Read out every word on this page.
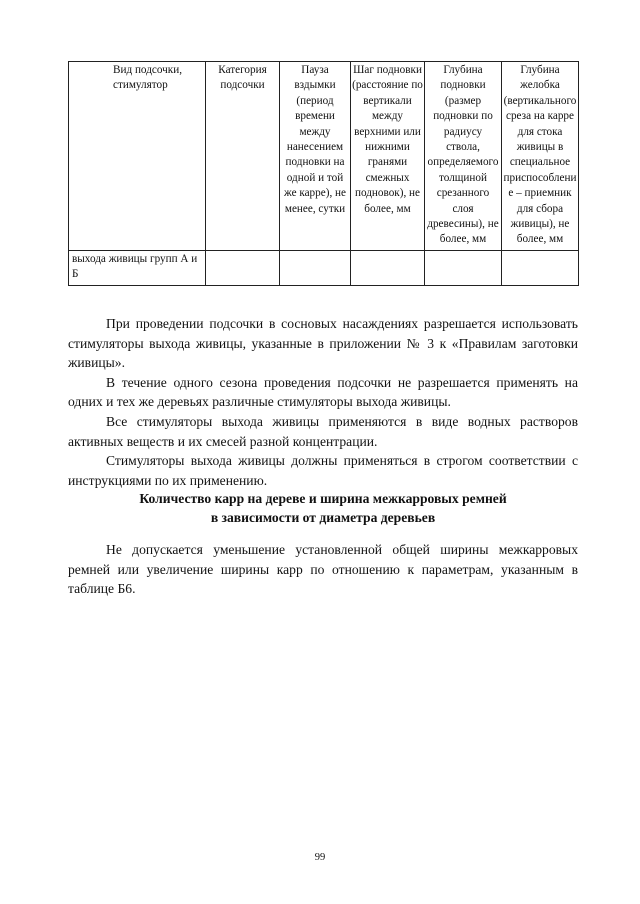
Вид подсочки, стимулятор	Категория подсочки	Пауза вздымки (период времени между нанесением подновки на одной и той же карре), не менее, сутки	Шаг подновки (расстояние по вертикали между верхними или нижними гранями смежных подновок), не более, мм	Глубина подновки (размер подновки по радиусу ствола, определяемого толщиной срезанного слоя древесины), не более, мм	Глубина желобка (вертикального среза на карре для стока живицы в специальное приспособление – приемник для сбора живицы), не более, мм
выхода живицы групп А и Б					

При проведении подсочки в сосновых насаждениях разрешается использовать стимуляторы выхода живицы, указанные в приложении № 3 к «Правилам заготовки живицы».

В течение одного сезона проведения подсочки не разрешается применять на одних и тех же деревьях различные стимуляторы выхода живицы.

Все стимуляторы выхода живицы применяются в виде водных растворов активных веществ и их смесей разной концентрации.

Стимуляторы выхода живицы должны применяться в строгом соответствии с инструкциями по их применению.

Количество карр на дереве и ширина межкарровых ремней
в зависимости от диаметра деревьев

Не допускается уменьшение установленной общей ширины межкарровых ремней или увеличение ширины карр по отношению к параметрам, указанным в таблице Б6.

99
